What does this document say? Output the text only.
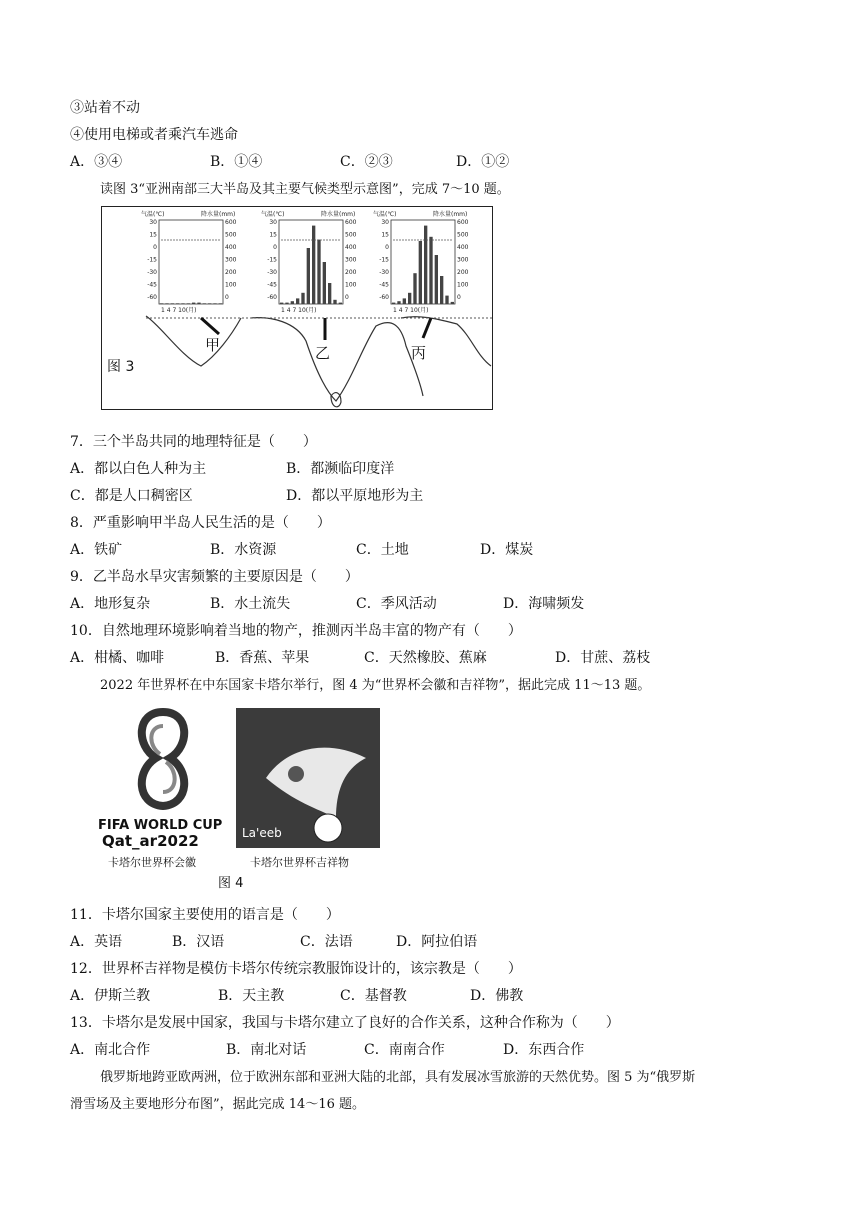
③站着不动
④使用电梯或者乘汽车逃命
A．③④	B．①④	C．②③	D．①②
读图 3“亚洲南部三大半岛及其主要气候类型示意图”，完成 7～10 题。
气温(℃)	降水量(mm)
30
15
0
-15
-30
-45
-60
600
500
400
300
200
100
0
1 4 7 10(月)
气温(℃)	降水量(mm)
30
15
0
-15
-30
-45
-60
600
500
400
300
200
100
0
1 4 7 10(月)
气温(℃)	降水量(mm)
30
15
0
-15
-30
-45
-60
600
500
400
300
200
100
0
1 4 7 10(月)
甲	乙	丙
图 3
7．三个半岛共同的地理特征是（　　）
A．都以白色人种为主	B．都濒临印度洋
C．都是人口稠密区	D．都以平原地形为主
8．严重影响甲半岛人民生活的是（　　）
A．铁矿	B．水资源	C．土地	D．煤炭
9．乙半岛水旱灾害频繁的主要原因是（　　）
A．地形复杂	B．水土流失	C．季风活动	D．海啸频发
10．自然地理环境影响着当地的物产，推测丙半岛丰富的物产有（　　）
A．柑橘、咖啡	B．香蕉、苹果	C．天然橡胶、蕉麻	D．甘蔗、荔枝
2022 年世界杯在中东国家卡塔尔举行，图 4 为“世界杯会徽和吉祥物”，据此完成 11～13 题。
FIFA WORLD CUP
Qat_ar2022
卡塔尔世界杯会徽
La'eeb
卡塔尔世界杯吉祥物
图 4
11．卡塔尔国家主要使用的语言是（　　）
A．英语	B．汉语	C．法语	D．阿拉伯语
12．世界杯吉祥物是模仿卡塔尔传统宗教服饰设计的，该宗教是（　　）
A．伊斯兰教	B．天主教	C．基督教	D．佛教
13．卡塔尔是发展中国家，我国与卡塔尔建立了良好的合作关系，这种合作称为（　　）
A．南北合作	B．南北对话	C．南南合作	D．东西合作
俄罗斯地跨亚欧两洲，位于欧洲东部和亚洲大陆的北部，具有发展冰雪旅游的天然优势。图 5 为“俄罗斯
滑雪场及主要地形分布图”，据此完成 14～16 题。
